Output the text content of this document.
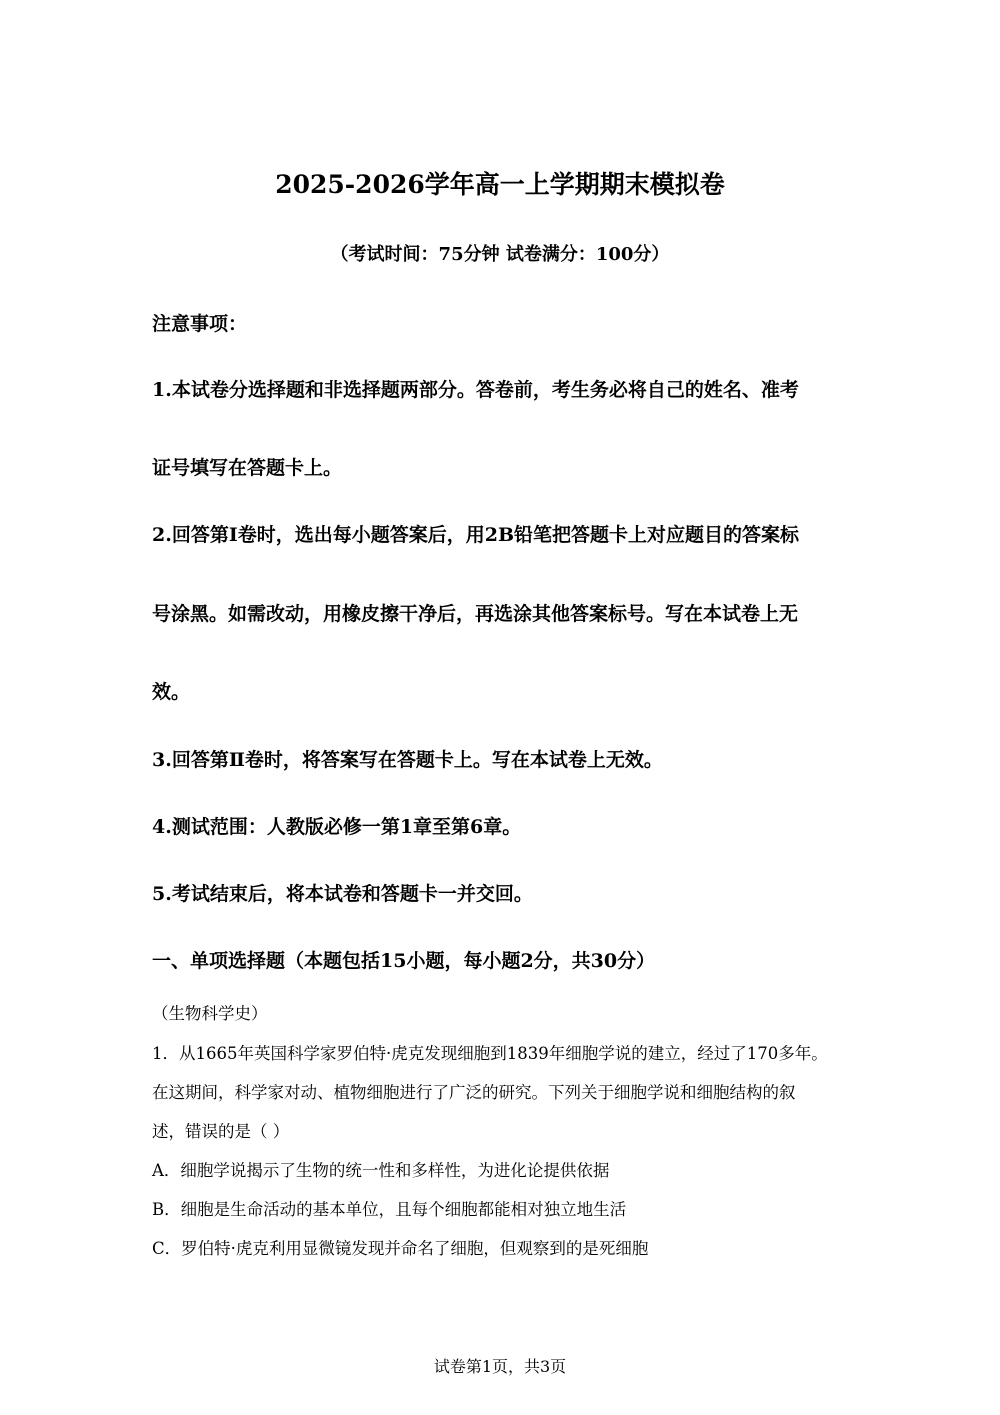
2025-2026学年高一上学期期末模拟卷
（考试时间：75分钟 试卷满分：100分）
注意事项：
1.本试卷分选择题和非选择题两部分。答卷前，考生务必将自己的姓名、准考
证号填写在答题卡上。
2.回答第Ⅰ卷时，选出每小题答案后，用2B铅笔把答题卡上对应题目的答案标
号涂黑。如需改动，用橡皮擦干净后，再选涂其他答案标号。写在本试卷上无
效。
3.回答第Ⅱ卷时，将答案写在答题卡上。写在本试卷上无效。
4.测试范围：人教版必修一第1章至第6章。
5.考试结束后，将本试卷和答题卡一并交回。
一、单项选择题（本题包括15小题，每小题2分，共30分）
（生物科学史）
1．从1665年英国科学家罗伯特·虎克发现细胞到1839年细胞学说的建立，经过了170多年。
在这期间，科学家对动、植物细胞进行了广泛的研究。下列关于细胞学说和细胞结构的叙
述，错误的是（ ）
A．细胞学说揭示了生物的统一性和多样性，为进化论提供依据
B．细胞是生命活动的基本单位，且每个细胞都能相对独立地生活
C．罗伯特·虎克利用显微镜发现并命名了细胞，但观察到的是死细胞
试卷第1页，共3页
